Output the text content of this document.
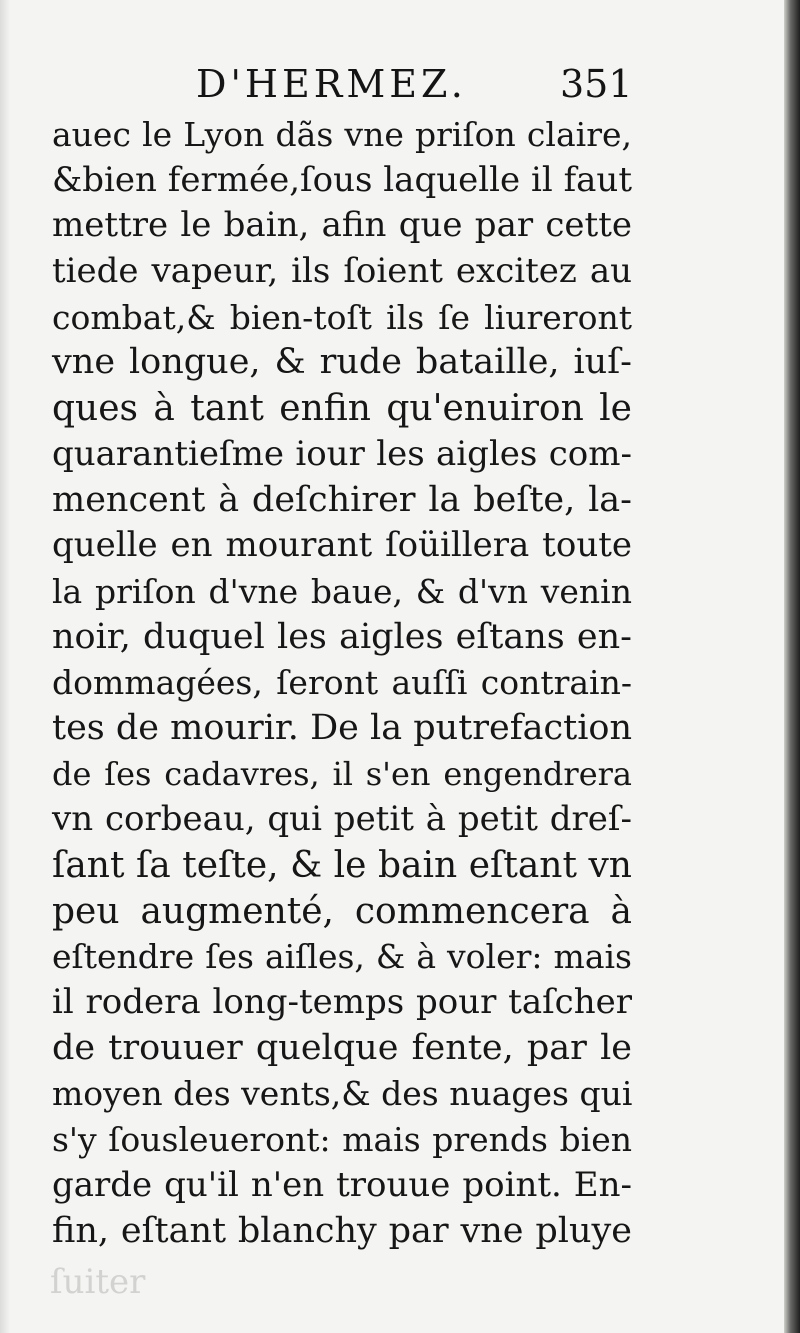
D'HERMEZ. 351
auec le Lyon dãs vne priſon claire,
&bien fermée,ſous laquelle il faut
mettre le bain, afin que par cette
tiede vapeur, ils ſoient excitez au
combat,& bien-toſt ils ſe liureront
vne longue, & rude bataille, iuſ-
ques à tant enfin qu'enuiron le
quarantieſme iour les aigles com-
mencent à deſchirer la beſte, la-
quelle en mourant ſoüillera toute
la priſon d'vne baue, & d'vn venin
noir, duquel les aigles eſtans en-
dommagées, ſeront auſſi contrain-
tes de mourir. De la putrefaction
de ſes cadavres, il s'en engendrera
vn corbeau, qui petit à petit dreſ-
ſant ſa teſte, & le bain eſtant vn
peu augmenté, commencera à
eſtendre ſes aiſles, & à voler: mais
il rodera long-temps pour taſcher
de trouuer quelque fente, par le
moyen des vents,& des nuages qui
s'y ſousleueront: mais prends bien
garde qu'il n'en trouue point. En-
fin, eſtant blanchy par vne pluye
ſuiter
